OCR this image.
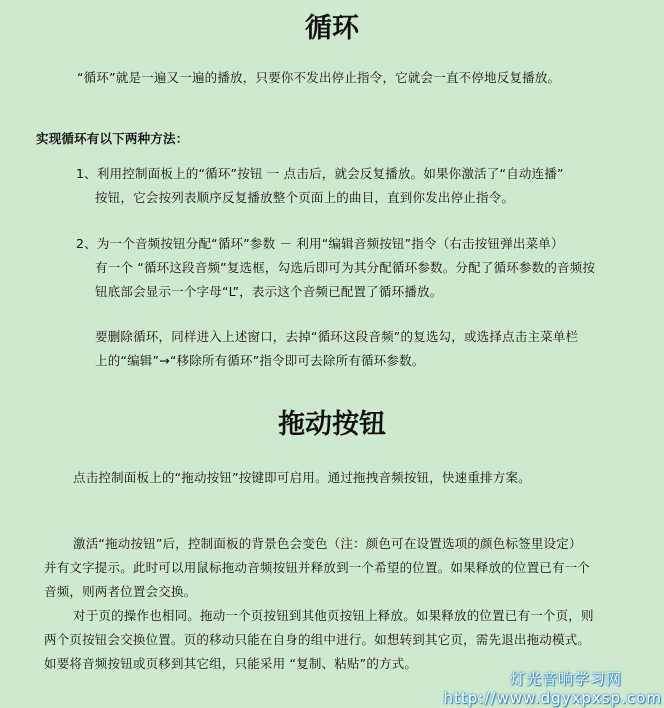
循环
“循环”就是一遍又一遍的播放，只要你不发出停止指令，它就会一直不停地反复播放。
实现循环有以下两种方法：
1、利用控制面板上的“循环”按钮 一 点击后，就会反复播放。如果你激活了“自动连播”
按钮，它会按列表顺序反复播放整个页面上的曲目，直到你发出停止指令。
2、为一个音频按钮分配“循环”参数 － 利用“编辑音频按钮”指令（右击按钮弹出菜单）
有一个 “循环这段音频”复选框，勾选后即可为其分配循环参数。分配了循环参数的音频按
钮底部会显示一个字母“L”，表示这个音频已配置了循环播放。
要删除循环，同样进入上述窗口，去掉“循环这段音频”的复选勾，或选择点击主菜单栏
上的“编辑”→“移除所有循环”指令即可去除所有循环参数。
拖动按钮
点击控制面板上的“拖动按钮”按键即可启用。通过拖拽音频按钮，快速重排方案。
激活“拖动按钮”后，控制面板的背景色会变色（注：颜色可在设置选项的颜色标签里设定）
并有文字提示。此时可以用鼠标拖动音频按钮并释放到一个希望的位置。如果释放的位置已有一个
音频，则两者位置会交换。
对于页的操作也相同。拖动一个页按钮到其他页按钮上释放。如果释放的位置已有一个页，则
两个页按钮会交换位置。页的移动只能在自身的组中进行。如想转到其它页，需先退出拖动模式。
如要将音频按钮或页移到其它组，只能采用 “复制、粘贴”的方式。
灯光音响学习网
http://www.dgyxpxsp.com
